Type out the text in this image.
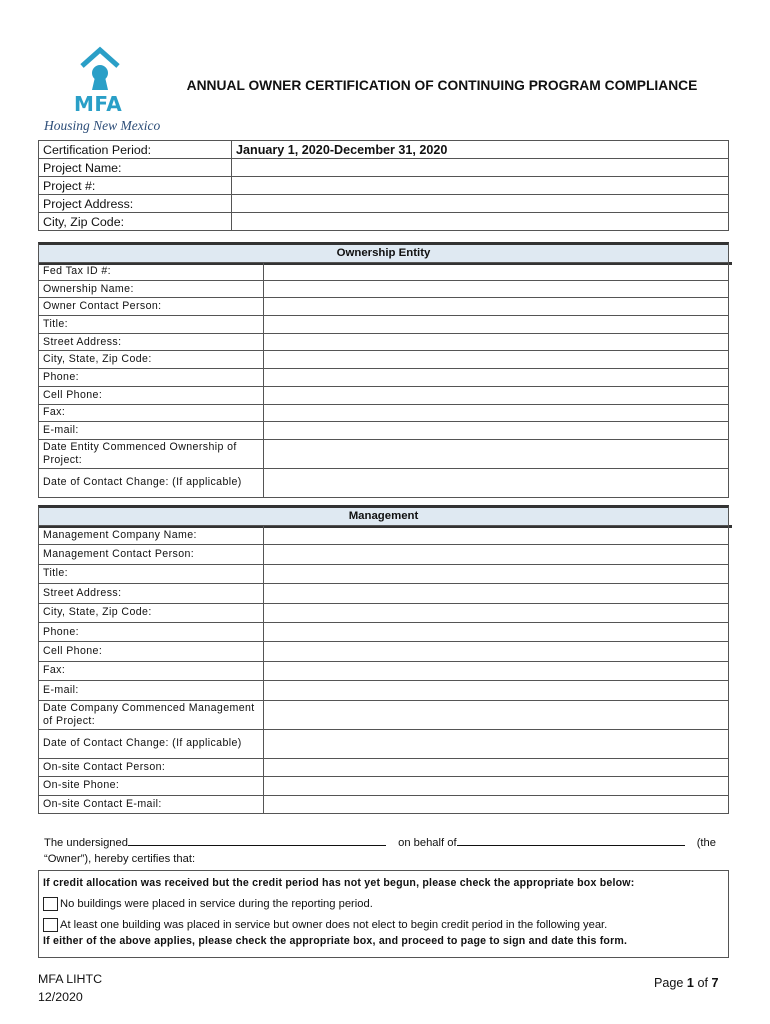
MFA
Housing New Mexico
ANNUAL OWNER CERTIFICATION OF CONTINUING PROGRAM COMPLIANCE
Certification Period:	January 1, 2020-December 31, 2020
Project Name:	
Project #:	
Project Address:	
City, Zip Code:	
Ownership Entity
Fed Tax ID #:	
Ownership Name:	
Owner Contact Person:	
Title:	
Street Address:	
City, State, Zip Code:	
Phone:	
Cell Phone:	
Fax:	
E-mail:	
Date Entity Commenced Ownership of Project:	
Date of Contact Change: (If applicable)	
Management
Management Company Name:	
Management Contact Person:	
Title:	
Street Address:	
City, State, Zip Code:	
Phone:	
Cell Phone:	
Fax:	
E-mail:	
Date Company Commenced Management of Project:	
Date of Contact Change: (If applicable)	
On-site Contact Person:	
On-site Phone:	
On-site Contact E-mail:	
The undersigned	on behalf of	(the
“Owner”), hereby certifies that:
If credit allocation was received but the credit period has not yet begun, please check the appropriate box below:
No buildings were placed in service during the reporting period.
At least one building was placed in service but owner does not elect to begin credit period in the following year.
If either of the above applies, please check the appropriate box, and proceed to page to sign and date this form.
MFA LIHTC
12/2020
Page 1 of 7
